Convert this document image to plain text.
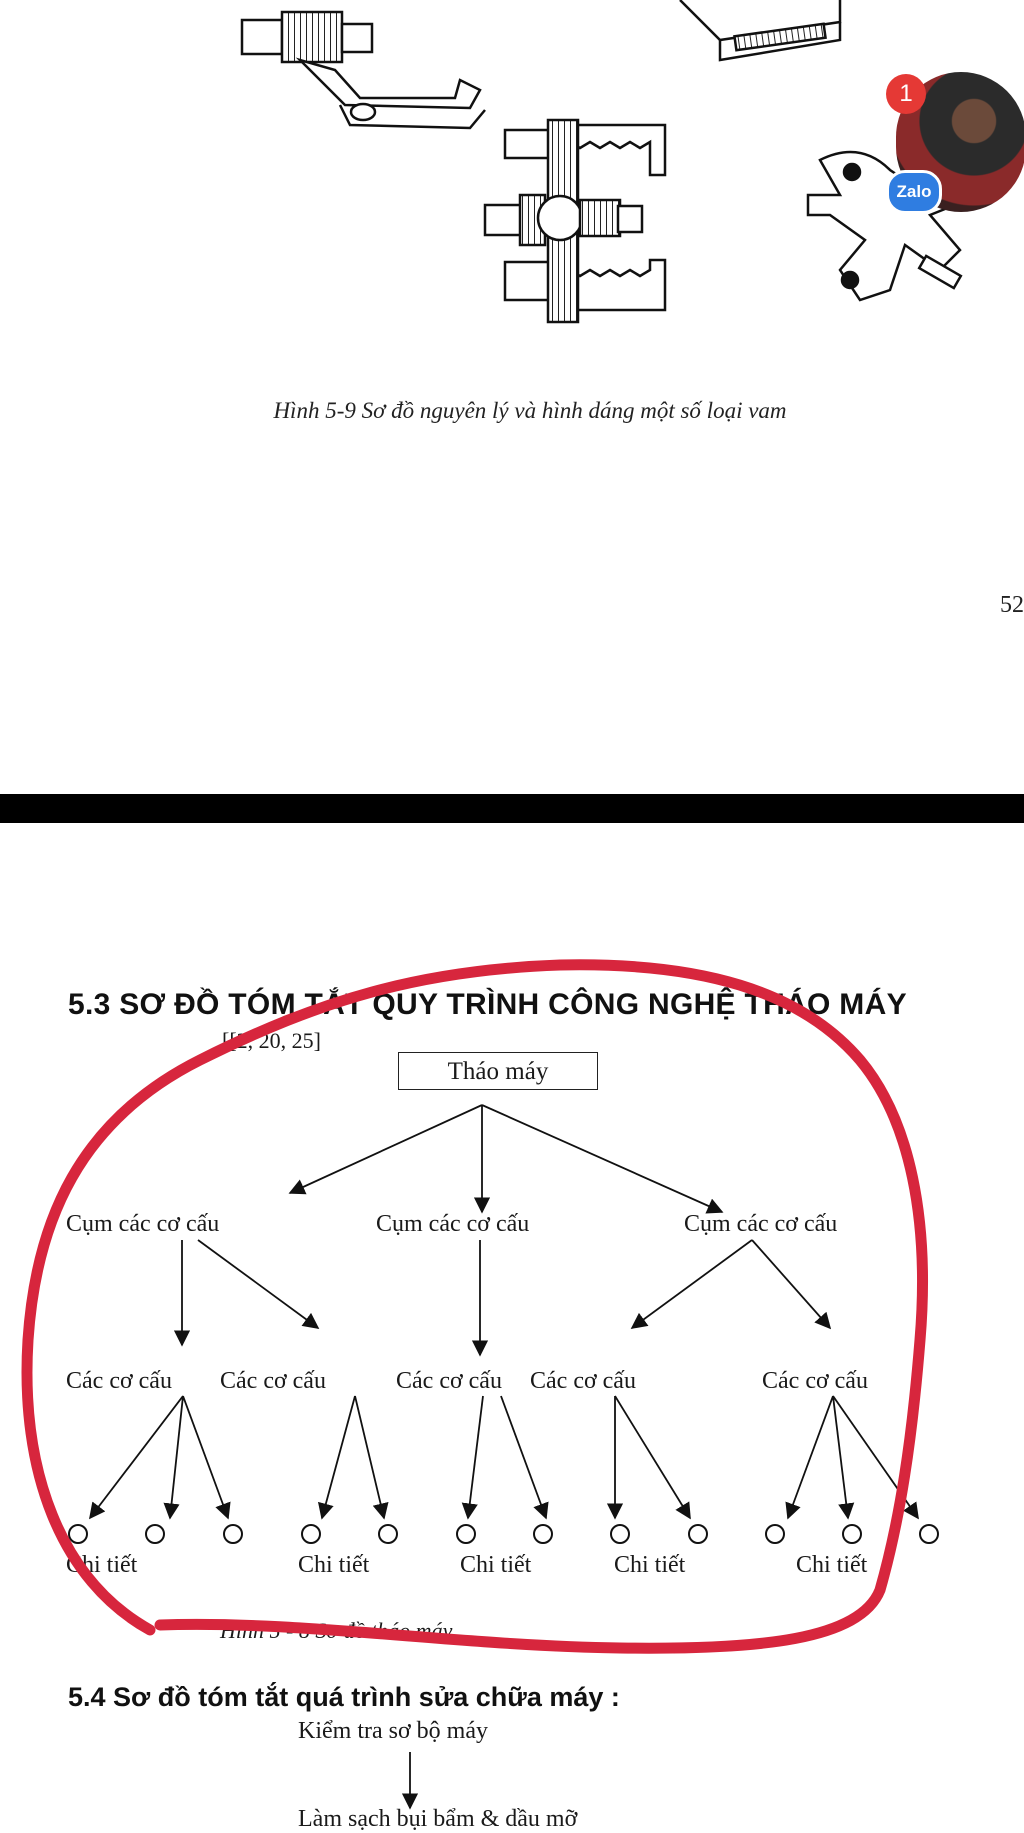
Hình 5-9 Sơ đồ nguyên lý và hình dáng một số loại vam
52
Zalo
1
5.3 SƠ ĐỒ TÓM TẮT QUY TRÌNH CÔNG NGHỆ THÁO MÁY
[[2, 20, 25]
Tháo máy
Cụm các cơ cấu	Cụm các cơ cấu	Cụm các cơ cấu
Các cơ cấu Các cơ cấu	Các cơ cấu Các cơ cấu	Các cơ cấu
Chi tiết	Chi tiết	Chi tiết	Chi tiết	Chi tiết
Hình 5 - 8 Sơ đồ tháo máy
5.4 Sơ đồ tóm tắt quá trình sửa chữa máy :
Kiểm tra sơ bộ máy
Làm sạch bụi bẩm & dầu mỡ
